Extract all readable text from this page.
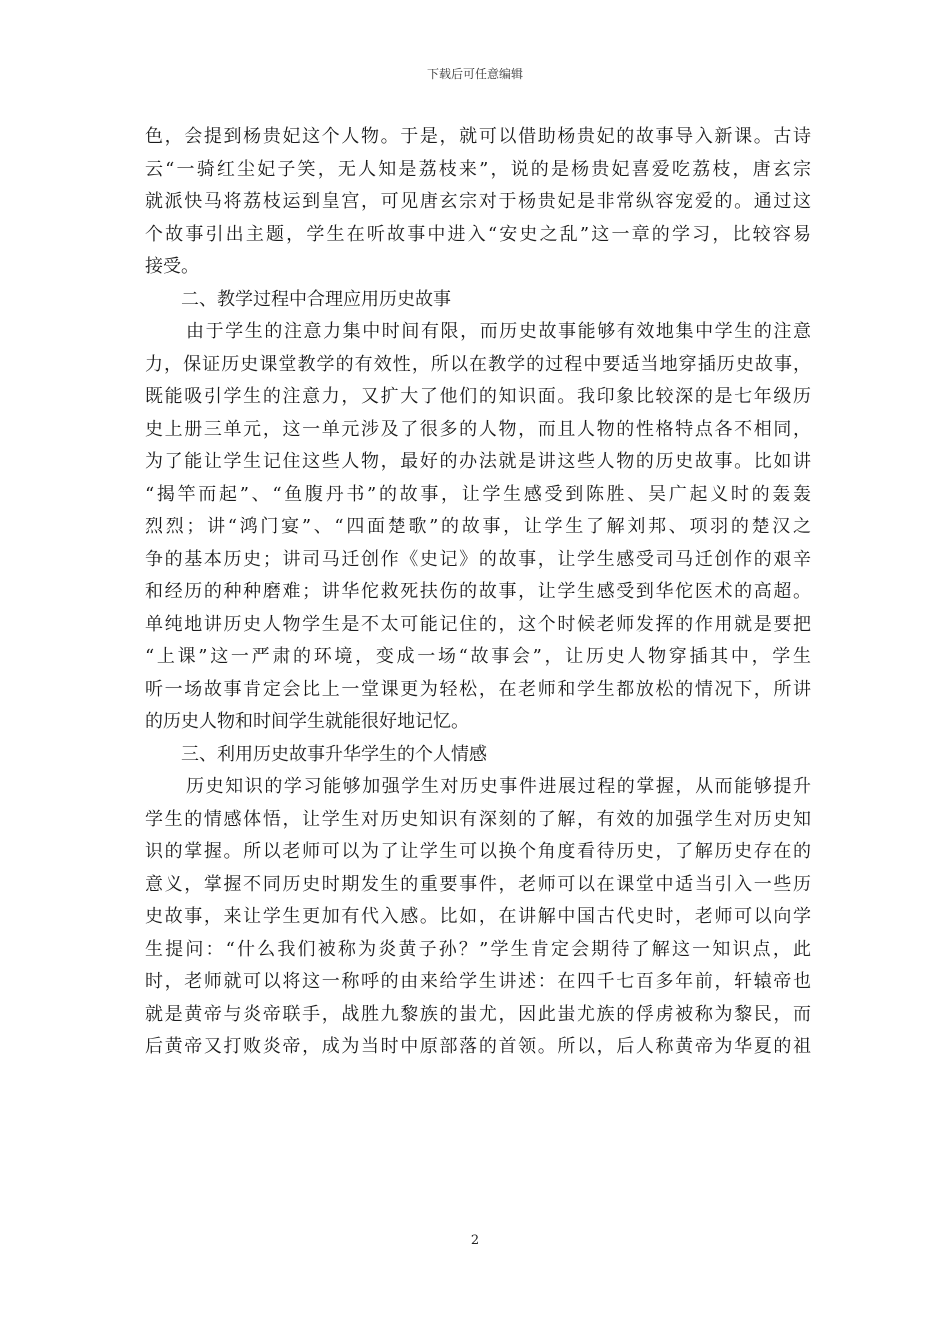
下载后可任意编辑

色，会提到杨贵妃这个人物。于是，就可以借助杨贵妃的故事导入新课。古诗

云“一骑红尘妃子笑，无人知是荔枝来”，说的是杨贵妃喜爱吃荔枝，唐玄宗

就派快马将荔枝运到皇宫，可见唐玄宗对于杨贵妃是非常纵容宠爱的。通过这

个故事引出主题，学生在听故事中进入“安史之乱”这一章的学习，比较容易

接受。

二、教学过程中合理应用历史故事

由于学生的注意力集中时间有限，而历史故事能够有效地集中学生的注意

力，保证历史课堂教学的有效性，所以在教学的过程中要适当地穿插历史故事，

既能吸引学生的注意力，又扩大了他们的知识面。我印象比较深的是七年级历

史上册三单元，这一单元涉及了很多的人物，而且人物的性格特点各不相同，

为了能让学生记住这些人物，最好的办法就是讲这些人物的历史故事。比如讲

“揭竿而起”、“鱼腹丹书”的故事，让学生感受到陈胜、吴广起义时的轰轰

烈烈；讲“鸿门宴”、“四面楚歌”的故事，让学生了解刘邦、项羽的楚汉之

争的基本历史；讲司马迁创作《史记》的故事，让学生感受司马迁创作的艰辛

和经历的种种磨难；讲华佗救死扶伤的故事，让学生感受到华佗医术的高超。

单纯地讲历史人物学生是不太可能记住的，这个时候老师发挥的作用就是要把

“上课”这一严肃的环境，变成一场“故事会”，让历史人物穿插其中，学生

听一场故事肯定会比上一堂课更为轻松，在老师和学生都放松的情况下，所讲

的历史人物和时间学生就能很好地记忆。

三、利用历史故事升华学生的个人情感

历史知识的学习能够加强学生对历史事件进展过程的掌握，从而能够提升

学生的情感体悟，让学生对历史知识有深刻的了解，有效的加强学生对历史知

识的掌握。所以老师可以为了让学生可以换个角度看待历史，了解历史存在的

意义，掌握不同历史时期发生的重要事件，老师可以在课堂中适当引入一些历

史故事，来让学生更加有代入感。比如，在讲解中国古代史时，老师可以向学

生提问：“什么我们被称为炎黄子孙？”学生肯定会期待了解这一知识点，此

时，老师就可以将这一称呼的由来给学生讲述：在四千七百多年前，轩辕帝也

就是黄帝与炎帝联手，战胜九黎族的蚩尤，因此蚩尤族的俘虏被称为黎民，而

后黄帝又打败炎帝，成为当时中原部落的首领。所以，后人称黄帝为华夏的祖

2
